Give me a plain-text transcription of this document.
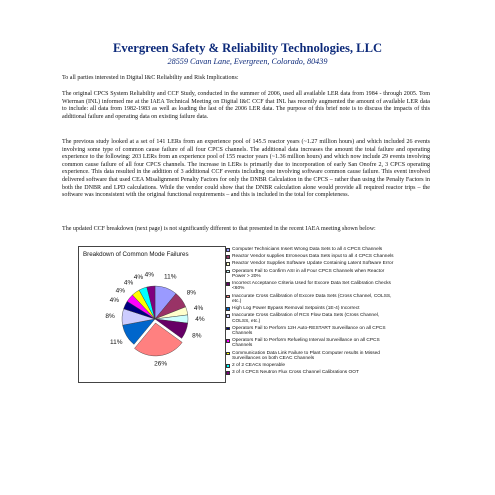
Evergreen Safety & Reliability Technologies, LLC
28559 Cavan Lane, Evergreen, Colorado, 80439
To all parties interested in Digital I&C Reliability and Risk Implications:
The original CPCS System Reliability and CCF Study, conducted in the summer of 2006, used all available LER data from 1984 - through 2005. Tom Wierman (INL) informed me at the IAEA Technical Meeting on Digital I&C CCF that INL has recently augmented the amount of available LER data to include: all data from 1982-1983 as well as loading the last of the 2006 LER data. The purpose of this brief note is to discuss the impacts of this additional failure and operating data on existing failure data.
The previous study looked at a set of 141 LERs from an experience pool of 145.5 reactor years (~1.27 million hours) and which included 26 events involving some type of common cause failure of all four CPCS channels. The additional data increases the amount the total failure and operating experience to the following: 203 LERs from an experience pool of 155 reactor years (~1.36 million hours) and which now include 29 events involving common cause failure of all four CPCS channels. The increase in LERs is primarily due to incorporation of early San Onofre 2, 3 CPCS operating experience. This data resulted in the addition of 3 additional CCF events including one involving software common cause failure. This event involved delivered software that used CEA Misalignment Penalty Factors for only the DNBR Calculation in the CPCS – rather than using the Penalty Factors in both the DNBR and LPD calculations. While the vendor could show that the DNBR calculation alone would provide all required reactor trips – the software was inconsistent with the original functional requirements – and this is included in the total for completeness.
The updated CCF breakdown (next page) is not significantly different to that presented in the recent IAEA meeting shown below:
Breakdown of Common Mode Failures
11%
8%
4%
4%
8%
26%
11%
8%
4%
4%
4%
4% 4%
Computer Technicians Insert Wrong Data Sets to all 4 CPCS Channels
Reactor Vendor supplies Erroneous Data Sets input to all 4 CPCS Channels
Reactor Vendor Supplies Software Update Containing Latent Software Error
Operators Fail to Confirm ASI in all Four CPCS Channels when Reactor Power > 20%
Incorrect Acceptance Criteria Used for Excore Data Set Calibration Checks <60%
Inaccurate Cross Calibration of Excore Data Sets (Cross Channel, COLSS, etc.)
High Log Power Bypass Removal Setpoints (1E-4) Incorrect
Inaccurate Cross Calibration of RCS Flow Data Sets (Cross Channel, COLSS, etc.)
Operators Fail to Perform 12H Auto-RESTART Surveillance on all CPCS Channels
Operators Fail to Perform Refueling Interval Surveillance on all CPCS Channels
Communication Data Link Failure to Plant Computer results in Missed Surveillances on both CEAC Channels
2 of 2 CEACs Inoperable
3 of 4 CPCS Neutron Flux Cross Channel Calibrations OOT
